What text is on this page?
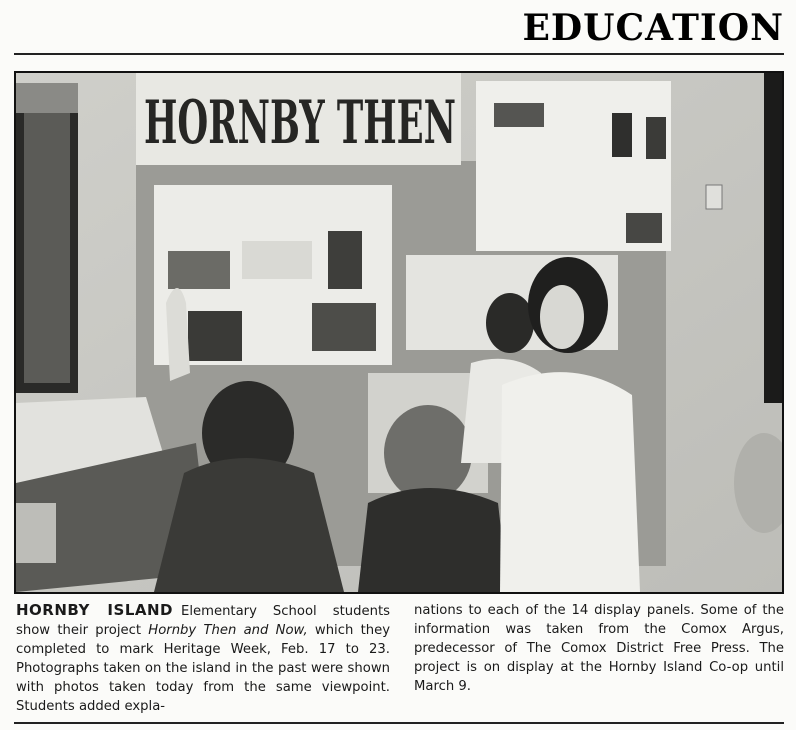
EDUCATION
HORNBY THEN
HORNBY ISLAND Elementary School students show their project Hornby Then and Now, which they completed to mark Heritage Week, Feb. 17 to 23. Photographs taken on the island in the past were shown with photos taken today from the same viewpoint. Students added expla-
nations to each of the 14 display panels. Some of the information was taken from the Comox Argus, predecessor of The Comox District Free Press. The project is on display at the Hornby Island Co-op until March 9.
